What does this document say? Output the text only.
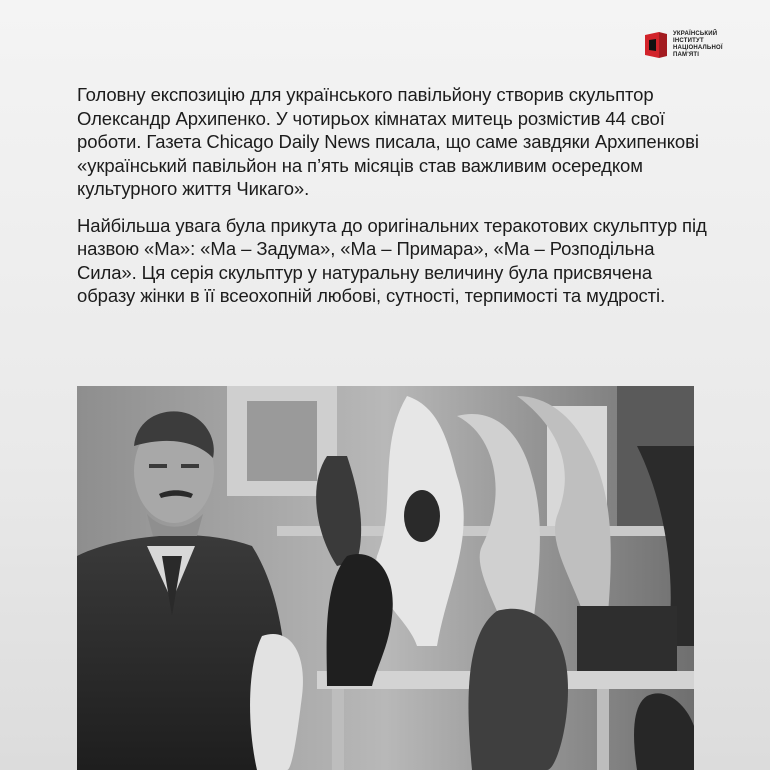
УКРАЇНСЬКИЙ
ІНСТИТУТ
НАЦІОНАЛЬНОЇ
ПАМ'ЯТІ

Головну експозицію для українського павільйону створив скульптор Олександр Архипенко. У чотирьох кімнатах митець розмістив 44 свої роботи. Газета Chicago Daily News писала, що саме завдяки Архипенкові «український павільйон на п’ять місяців став важливим осередком культурного життя Чикаго».

Найбільша увага була прикута до оригінальних теракотових скульптур під назвою «Ма»: «Ма – Задума», «Ма – Примара», «Ма – Розподільна Сила». Ця серія скульптур у натуральну величину була присвячена образу жінки в її всеохопній любові, сутності, терпимості та мудрості.
